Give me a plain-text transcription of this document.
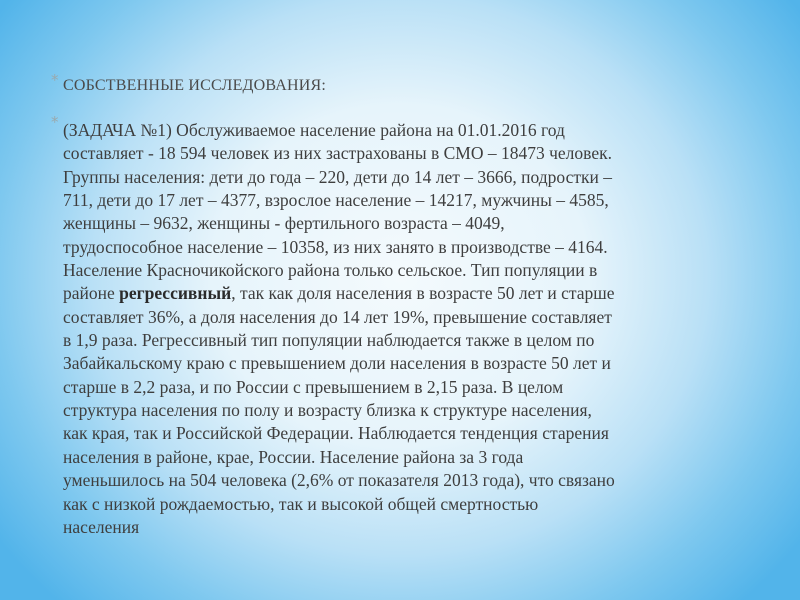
* СОБСТВЕННЫЕ ИССЛЕДОВАНИЯ:
* (ЗАДАЧА №1) Обслуживаемое население района на 01.01.2016 год
составляет - 18 594 человек из них застрахованы в СМО – 18473 человек.
Группы населения: дети до года – 220, дети до 14 лет – 3666, подростки –
711, дети до 17 лет – 4377, взрослое население – 14217, мужчины – 4585,
женщины – 9632, женщины - фертильного возраста – 4049,
трудоспособное население – 10358, из них занято в производстве – 4164.
Население Красночикойского района только сельское. Тип популяции в
районе регрессивный, так как доля населения в возрасте 50 лет и старше
составляет 36%, а доля населения до 14 лет 19%, превышение составляет
в 1,9 раза. Регрессивный тип популяции наблюдается также в целом по
Забайкальскому краю с превышением доли населения в возрасте 50 лет и
старше в 2,2 раза, и по России с превышением в 2,15 раза. В целом
структура населения по полу и возрасту близка к структуре населения,
как края, так и Российской Федерации. Наблюдается тенденция старения
населения в районе, крае, России. Население района за 3 года
уменьшилось на 504 человека (2,6% от показателя 2013 года), что связано
как с низкой рождаемостью, так и высокой общей смертностью
населения
